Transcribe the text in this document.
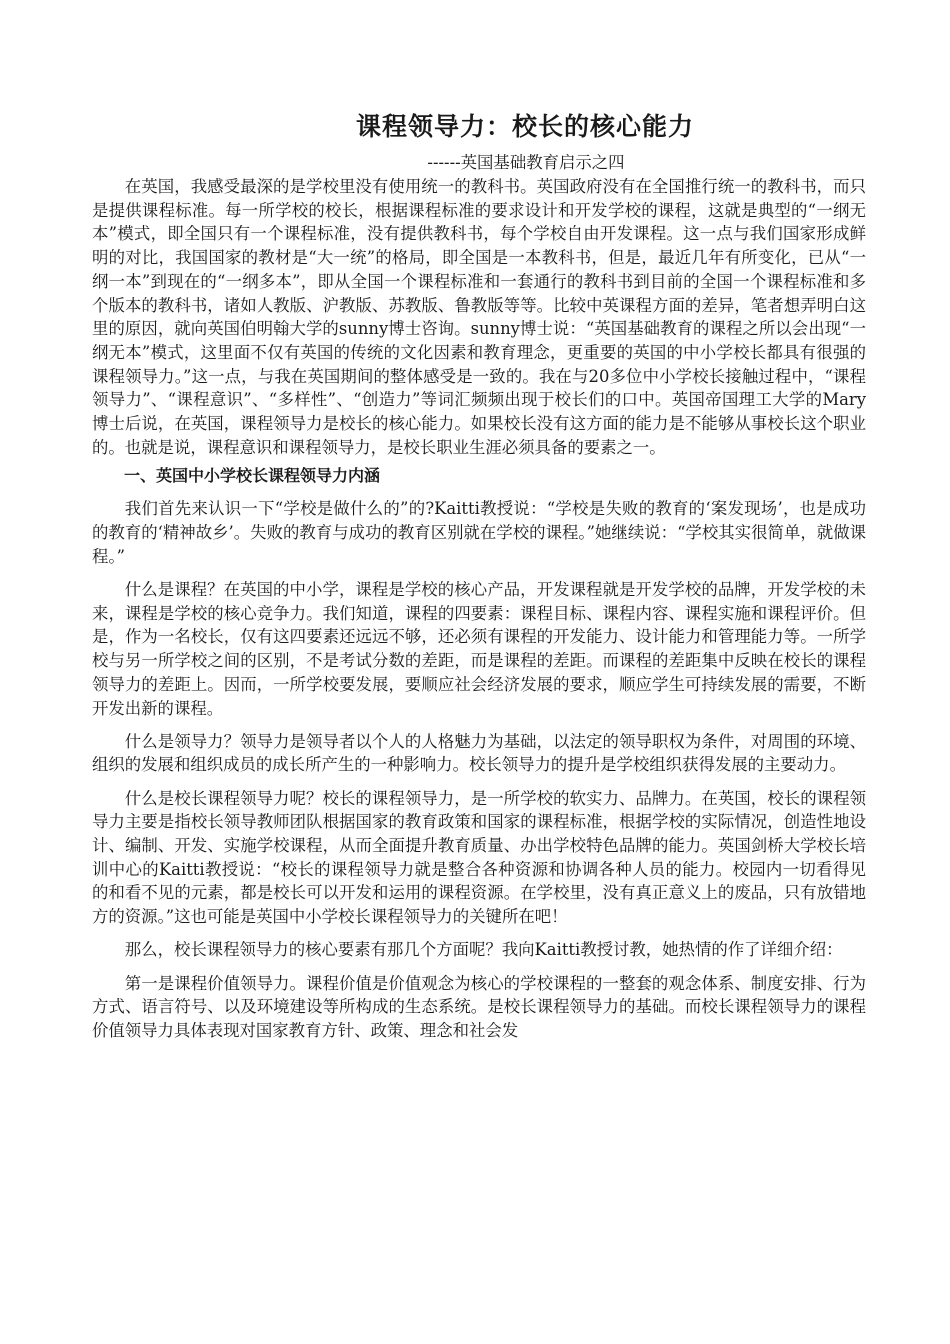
课程领导力：校长的核心能力
------英国基础教育启示之四

在英国，我感受最深的是学校里没有使用统一的教科书。英国政府没有在全国推行统一的教科书，而只是提供课程标准。每一所学校的校长，根据课程标准的要求设计和开发学校的课程，这就是典型的“一纲无本”模式，即全国只有一个课程标准，没有提供教科书，每个学校自由开发课程。这一点与我们国家形成鲜明的对比，我国国家的教材是“大一统”的格局，即全国是一本教科书，但是，最近几年有所变化，已从“一纲一本”到现在的“一纲多本”，即从全国一个课程标准和一套通行的教科书到目前的全国一个课程标准和多个版本的教科书，诸如人教版、沪教版、苏教版、鲁教版等等。比较中英课程方面的差异，笔者想弄明白这里的原因，就向英国伯明翰大学的sunny博士咨询。sunny博士说：“英国基础教育的课程之所以会出现“一纲无本”模式，这里面不仅有英国的传统的文化因素和教育理念，更重要的英国的中小学校长都具有很强的课程领导力。”这一点，与我在英国期间的整体感受是一致的。我在与20多位中小学校长接触过程中，“课程领导力”、“课程意识”、“多样性”、“创造力”等词汇频频出现于校长们的口中。英国帝国理工大学的Mary博士后说，在英国，课程领导力是校长的核心能力。如果校长没有这方面的能力是不能够从事校长这个职业的。也就是说，课程意识和课程领导力，是校长职业生涯必须具备的要素之一。

一、英国中小学校长课程领导力内涵

我们首先来认识一下“学校是做什么的”的?Kaitti教授说：“学校是失败的教育的‘案发现场’，也是成功的教育的‘精神故乡’。失败的教育与成功的教育区别就在学校的课程。”她继续说：“学校其实很简单，就做课程。”

什么是课程？在英国的中小学，课程是学校的核心产品，开发课程就是开发学校的品牌，开发学校的未来，课程是学校的核心竞争力。我们知道，课程的四要素：课程目标、课程内容、课程实施和课程评价。但是，作为一名校长，仅有这四要素还远远不够，还必须有课程的开发能力、设计能力和管理能力等。一所学校与另一所学校之间的区别，不是考试分数的差距，而是课程的差距。而课程的差距集中反映在校长的课程领导力的差距上。因而，一所学校要发展，要顺应社会经济发展的要求，顺应学生可持续发展的需要，不断开发出新的课程。

什么是领导力？领导力是领导者以个人的人格魅力为基础，以法定的领导职权为条件，对周围的环境、组织的发展和组织成员的成长所产生的一种影响力。校长领导力的提升是学校组织获得发展的主要动力。

什么是校长课程领导力呢？校长的课程领导力，是一所学校的软实力、品牌力。在英国，校长的课程领导力主要是指校长领导教师团队根据国家的教育政策和国家的课程标准，根据学校的实际情况，创造性地设计、编制、开发、实施学校课程，从而全面提升教育质量、办出学校特色品牌的能力。英国剑桥大学校长培训中心的Kaitti教授说：“校长的课程领导力就是整合各种资源和协调各种人员的能力。校园内一切看得见的和看不见的元素，都是校长可以开发和运用的课程资源。在学校里，没有真正意义上的废品，只有放错地方的资源。”这也可能是英国中小学校长课程领导力的关键所在吧！

那么，校长课程领导力的核心要素有那几个方面呢？我向Kaitti教授讨教，她热情的作了详细介绍：

第一是课程价值领导力。课程价值是价值观念为核心的学校课程的一整套的观念体系、制度安排、行为方式、语言符号、以及环境建设等所构成的生态系统。是校长课程领导力的基础。而校长课程领导力的课程价值领导力具体表现对国家教育方针、政策、理念和社会发
